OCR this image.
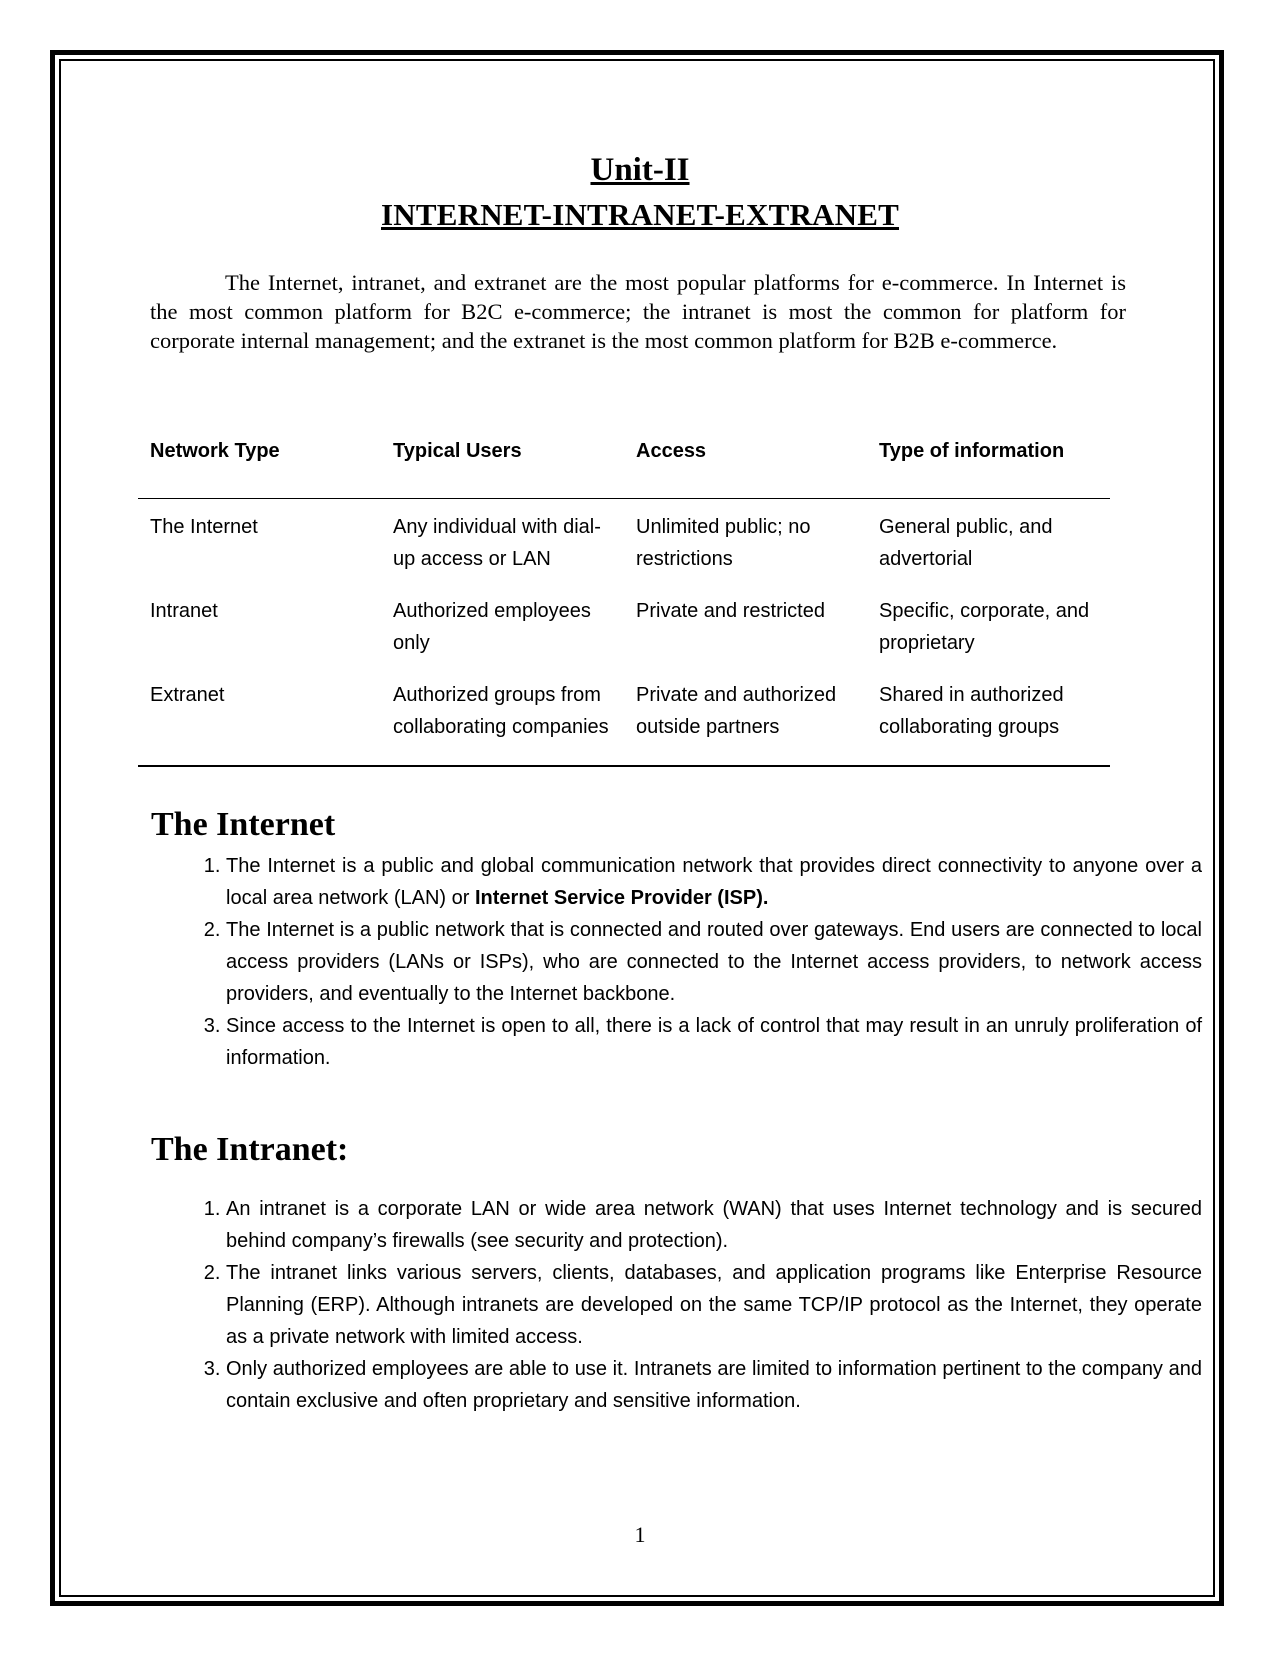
Unit-II
INTERNET-INTRANET-EXTRANET

The Internet, intranet, and extranet are the most popular platforms for e-commerce. In Internet is the most common platform for B2C e-commerce; the intranet is most the common for platform for corporate internal management; and the extranet is the most common platform for B2B e-commerce.

Network Type	Typical Users	Access	Type of information
The Internet	Any individual with dial-up access or LAN	Unlimited public; no restrictions	General public, and advertorial
Intranet	Authorized employees only	Private and restricted	Specific, corporate, and proprietary
Extranet	Authorized groups from collaborating companies	Private and authorized outside partners	Shared in authorized collaborating groups
The Internet
1. The Internet is a public and global communication network that provides direct connectivity to anyone over a local area network (LAN) or Internet Service Provider (ISP).
2. The Internet is a public network that is connected and routed over gateways. End users are connected to local access providers (LANs or ISPs), who are connected to the Internet access providers, to network access providers, and eventually to the Internet backbone.
3. Since access to the Internet is open to all, there is a lack of control that may result in an unruly proliferation of information.
The Intranet:
1. An intranet is a corporate LAN or wide area network (WAN) that uses Internet technology and is secured behind company’s firewalls (see security and protection).
2. The intranet links various servers, clients, databases, and application programs like Enterprise Resource Planning (ERP). Although intranets are developed on the same TCP/IP protocol as the Internet, they operate as a private network with limited access.
3. Only authorized employees are able to use it. Intranets are limited to information pertinent to the company and contain exclusive and often proprietary and sensitive information.
1
